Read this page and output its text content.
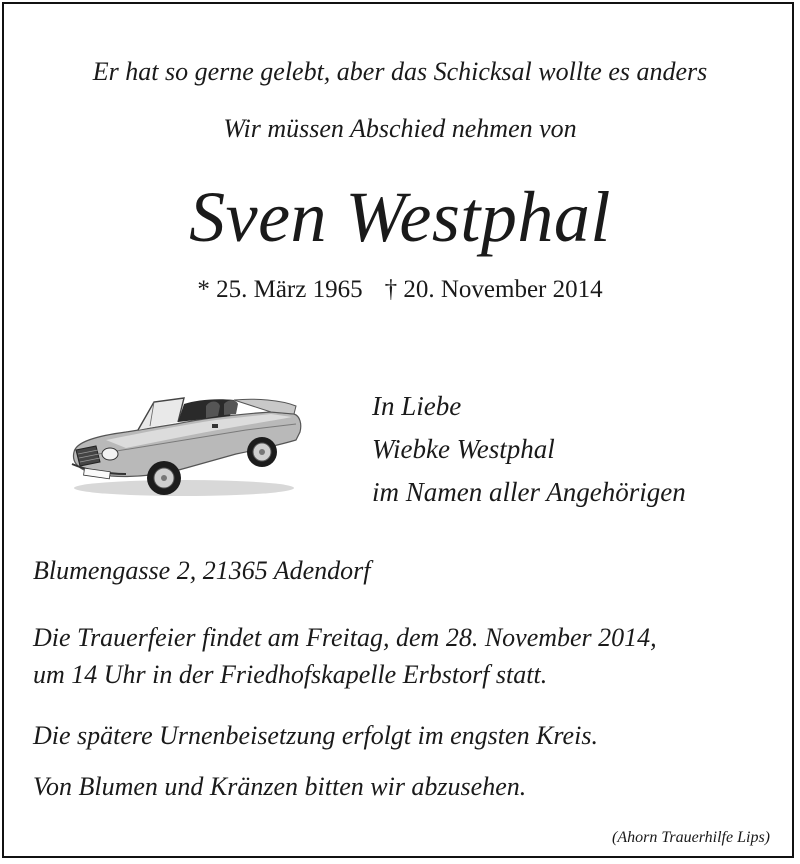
Er hat so gerne gelebt, aber das Schicksal wollte es anders
Wir müssen Abschied nehmen von
Sven Westphal
* 25. März 1965 † 20. November 2014
In Liebe
Wiebke Westphal
im Namen aller Angehörigen
Blumengasse 2, 21365 Adendorf
Die Trauerfeier findet am Freitag, dem 28. November 2014,
um 14 Uhr in der Friedhofskapelle Erbstorf statt.
Die spätere Urnenbeisetzung erfolgt im engsten Kreis.
Von Blumen und Kränzen bitten wir abzusehen.
(Ahorn Trauerhilfe Lips)
